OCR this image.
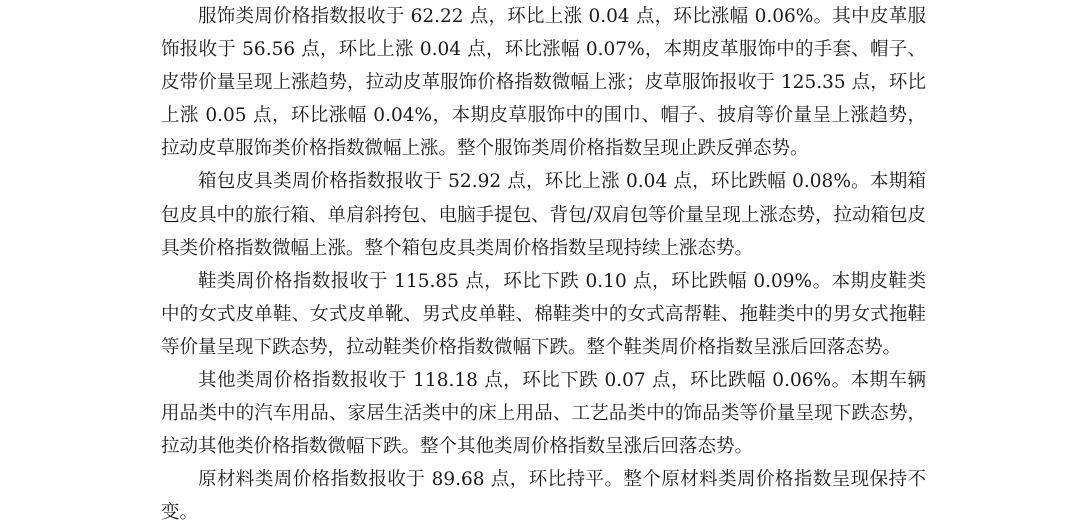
服饰类周价格指数报收于 62.22 点，环比上涨 0.04 点，环比涨幅 0.06%。其中皮革服饰报收于 56.56 点，环比上涨 0.04 点，环比涨幅 0.07%，本期皮革服饰中的手套、帽子、皮带价量呈现上涨趋势，拉动皮革服饰价格指数微幅上涨；皮草服饰报收于 125.35 点，环比上涨 0.05 点，环比涨幅 0.04%，本期皮草服饰中的围巾、帽子、披肩等价量呈上涨趋势，拉动皮草服饰类价格指数微幅上涨。整个服饰类周价格指数呈现止跌反弹态势。

箱包皮具类周价格指数报收于 52.92 点，环比上涨 0.04 点，环比跌幅 0.08%。本期箱包皮具中的旅行箱、单肩斜挎包、电脑手提包、背包/双肩包等价量呈现上涨态势，拉动箱包皮具类价格指数微幅上涨。整个箱包皮具类周价格指数呈现持续上涨态势。

鞋类周价格指数报收于 115.85 点，环比下跌 0.10 点，环比跌幅 0.09%。本期皮鞋类中的女式皮单鞋、女式皮单靴、男式皮单鞋、棉鞋类中的女式高帮鞋、拖鞋类中的男女式拖鞋等价量呈现下跌态势，拉动鞋类价格指数微幅下跌。整个鞋类周价格指数呈涨后回落态势。

其他类周价格指数报收于 118.18 点，环比下跌 0.07 点，环比跌幅 0.06%。本期车辆用品类中的汽车用品、家居生活类中的床上用品、工艺品类中的饰品类等价量呈现下跌态势，拉动其他类价格指数微幅下跌。整个其他类周价格指数呈涨后回落态势。

原材料类周价格指数报收于 89.68 点，环比持平。整个原材料类周价格指数呈现保持不变。
